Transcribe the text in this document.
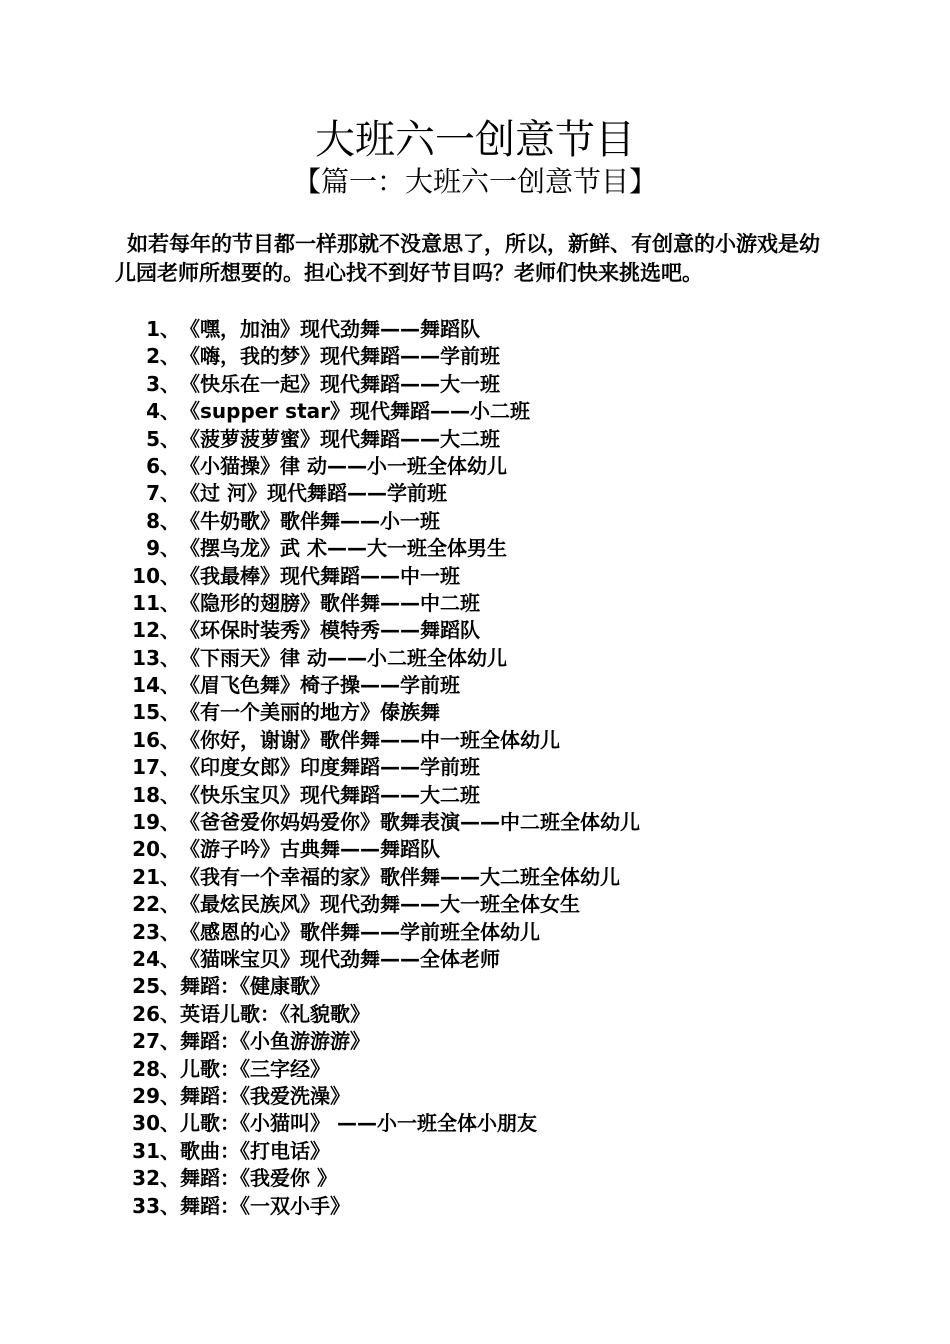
大班六一创意节目
【篇一：大班六一创意节目】

如若每年的节目都一样那就不没意思了，所以，新鲜、有创意的小游戏是幼儿园老师所想要的。担心找不到好节目吗？老师们快来挑选吧。

1、 《嘿，加油》现代劲舞——舞蹈队
2、 《嗨，我的梦》现代舞蹈——学前班
3、 《快乐在一起》现代舞蹈——大一班
4、 《supper star》现代舞蹈——小二班
5、 《菠萝菠萝蜜》现代舞蹈——大二班
6、 《小猫操》律 动——小一班全体幼儿
7、 《过 河》现代舞蹈——学前班
8、 《牛奶歌》歌伴舞——小一班
9、 《摆乌龙》武 术——大一班全体男生
10、 《我最棒》现代舞蹈——中一班
11、 《隐形的翅膀》歌伴舞——中二班
12、 《环保时装秀》模特秀——舞蹈队
13、 《下雨天》律 动——小二班全体幼儿
14、 《眉飞色舞》椅子操——学前班
15、 《有一个美丽的地方》傣族舞
16、 《你好，谢谢》歌伴舞——中一班全体幼儿
17、 《印度女郎》印度舞蹈——学前班
18、 《快乐宝贝》现代舞蹈——大二班
19、 《爸爸爱你妈妈爱你》歌舞表演——中二班全体幼儿
20、 《游子吟》古典舞——舞蹈队
21、 《我有一个幸福的家》歌伴舞——大二班全体幼儿
22、 《最炫民族风》现代劲舞——大一班全体女生
23、 《感恩的心》歌伴舞——学前班全体幼儿
24、 《猫咪宝贝》现代劲舞——全体老师
25、 舞蹈：《健康歌》
26、 英语儿歌：《礼貌歌》
27、 舞蹈：《小鱼游游游》
28、 儿歌：《三字经》
29、 舞蹈：《我爱洗澡》
30、 儿歌：《小猫叫》 ——小一班全体小朋友
31、 歌曲：《打电话》
32、 舞蹈：《我爱你 》
33、 舞蹈：《一双小手》
